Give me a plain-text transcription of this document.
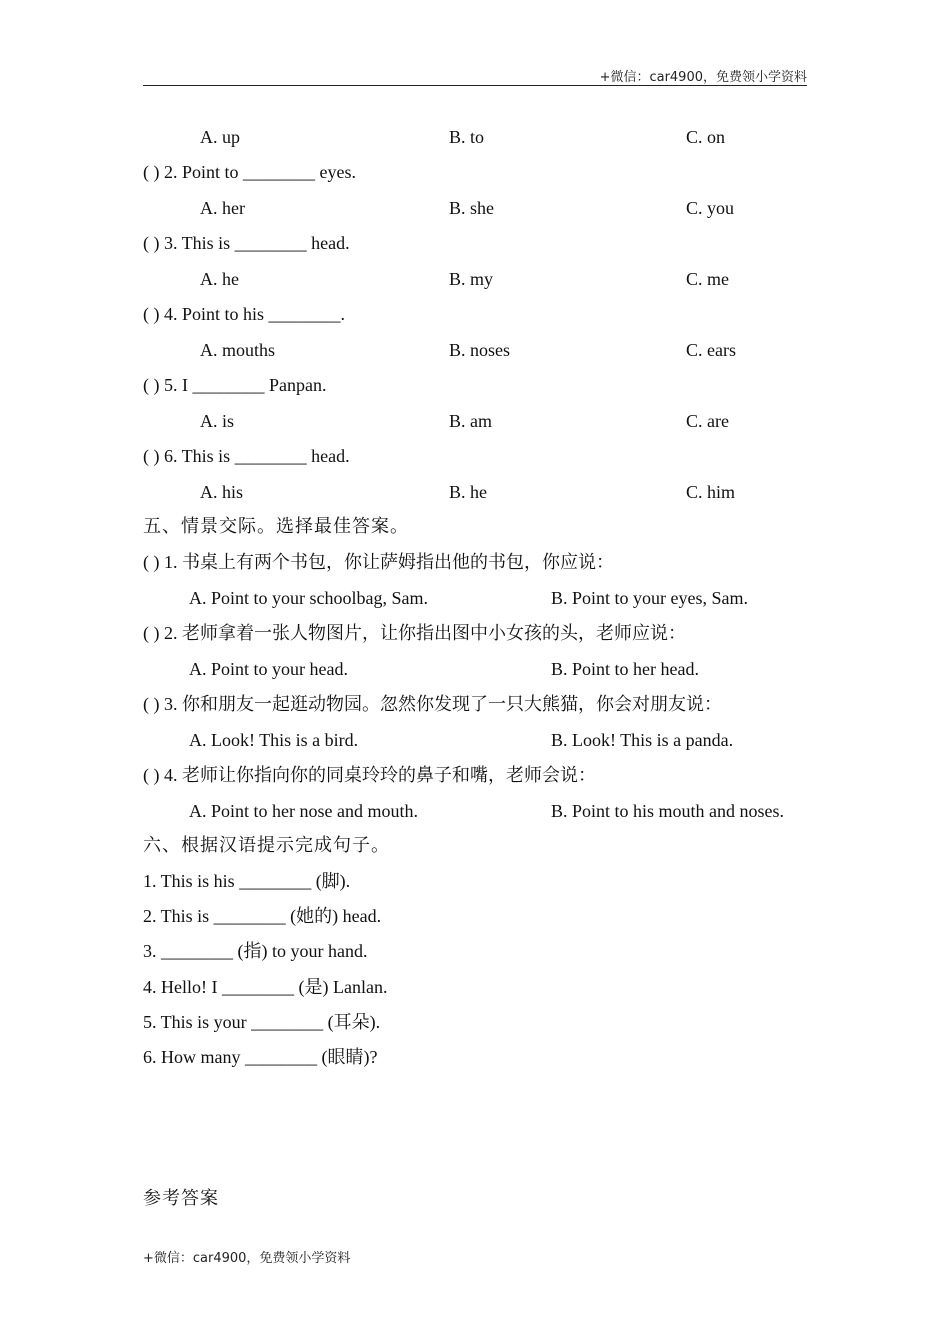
+微信：car4900，免费领小学资料
A. up	B. to	C. on
( ) 2. Point to ________ eyes.
A. her	B. she	C. you
( ) 3. This is ________ head.
A. he	B. my	C. me
( ) 4. Point to his ________.
A. mouths	B. noses	C. ears
( ) 5. I ________ Panpan.
A. is	B. am	C. are
( ) 6. This is ________ head.
A. his	B. he	C. him
五、情景交际。选择最佳答案。
( ) 1. 书桌上有两个书包，你让萨姆指出他的书包，你应说：
A. Point to your schoolbag, Sam.	B. Point to your eyes, Sam.
( ) 2. 老师拿着一张人物图片，让你指出图中小女孩的头，老师应说：
A. Point to your head.	B. Point to her head.
( ) 3. 你和朋友一起逛动物园。忽然你发现了一只大熊猫，你会对朋友说：
A. Look! This is a bird.	B. Look! This is a panda.
( ) 4. 老师让你指向你的同桌玲玲的鼻子和嘴，老师会说：
A. Point to her nose and mouth.	B. Point to his mouth and noses.
六、根据汉语提示完成句子。
1. This is his ________ (脚).
2. This is ________ (她的) head.
3. ________ (指) to your hand.
4. Hello! I ________ (是) Lanlan.
5. This is your ________ (耳朵).
6. How many ________ (眼睛)?
参考答案
+微信：car4900，免费领小学资料
